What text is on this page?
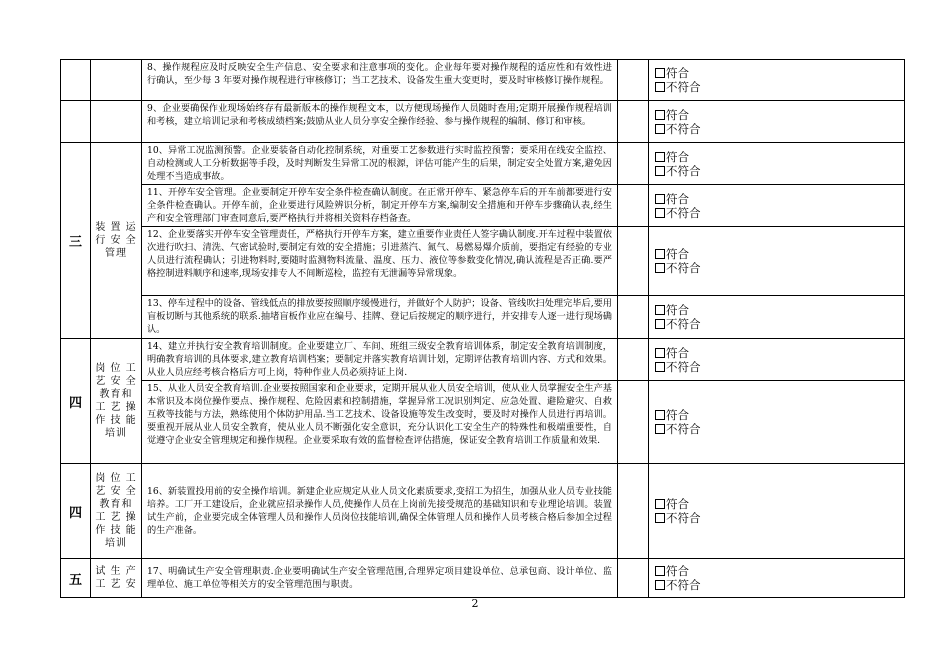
		8、操作规程应及时反映安全生产信息、安全要求和注意事项的变化。企业每年要对操作规程的适应性和有效性进行确认，至少每 3 年要对操作规程进行审核修订；当工艺技术、设备发生重大变更时，要及时审核修订操作规程。		符合
不符合

		9、企业要确保作业现场始终存有最新版本的操作规程文本，以方便现场操作人员随时查用;定期开展操作规程培训和考核，建立培训记录和考核成绩档案;鼓励从业人员分享安全操作经验、参与操作规程的编制、修订和审核。		符合
不符合

三	装 置 运 行 安 全 管理	10、异常工况监测预警。企业要装备自动化控制系统，对重要工艺参数进行实时监控预警；要采用在线安全监控、自动检测或人工分析数据等手段，及时判断发生异常工况的根源，评估可能产生的后果，制定安全处置方案,避免因处理不当造成事故。		符合
不符合

		11、开停车安全管理。企业要制定开停车安全条件检查确认制度。在正常开停车、紧急停车后的开车前都要进行安全条件检查确认。开停车前，企业要进行风险辨识分析，制定开停车方案,编制安全措施和开停车步骤确认表,经生产和安全管理部门审查同意后,要严格执行并将相关资料存档备查。		符合
不符合

		12、企业要落实开停车安全管理责任，严格执行开停车方案，建立重要作业责任人签字确认制度.开车过程中装置依次进行吹扫、清洗、气密试验时,要制定有效的安全措施；引进蒸汽、氮气、易燃易爆介质前，要指定有经验的专业人员进行流程确认；引进物料时,要随时监测物料流量、温度、压力、液位等参数变化情况,确认流程是否正确.要严格控制进料顺序和速率,现场安排专人不间断巡检，监控有无泄漏等异常现象。		符合
不符合

		13、停车过程中的设备、管线低点的排放要按照顺序缓慢进行，并做好个人防护；设备、管线吹扫处理完毕后,要用盲板切断与其他系统的联系.抽堵盲板作业应在编号、挂牌、登记后按规定的顺序进行，并安排专人逐一进行现场确认。		符合
不符合

四	岗 位 工 艺 安 全 教育和 工 艺 操 作 技 能 培训	14、建立并执行安全教育培训制度。企业要建立厂、车间、班组三级安全教育培训体系，制定安全教育培训制度，明确教育培训的具体要求,建立教育培训档案；要制定并落实教育培训计划，定期评估教育培训内容、方式和效果。从业人员应经考核合格后方可上岗，特种作业人员必须持证上岗.		符合
不符合

		15、从业人员安全教育培训.企业要按照国家和企业要求，定期开展从业人员安全培训，使从业人员掌握安全生产基本常识及本岗位操作要点、操作规程、危险因素和控制措施，掌握异常工况识别判定、应急处置、避险避灾、自救互救等技能与方法，熟练使用个体防护用品.当工艺技术、设备设施等发生改变时，要及时对操作人员进行再培训。要重视开展从业人员安全教育，使从业人员不断强化安全意识，充分认识化工安全生产的特殊性和极端重要性，自觉遵守企业安全管理规定和操作规程。企业要采取有效的监督检查评估措施，保证安全教育培训工作质量和效果.		符合
不符合

四	岗 位 工 艺 安 全 教育和 工 艺 操 作 技 能 培训	16、新装置投用前的安全操作培训。新建企业应规定从业人员文化素质要求,变招工为招生，加强从业人员专业技能培养。工厂开工建设后，企业就应招录操作人员,使操作人员在上岗前先接受规范的基础知识和专业理论培训。装置试生产前，企业要完成全体管理人员和操作人员岗位技能培训,确保全体管理人员和操作人员考核合格后参加全过程的生产准备。		符合
不符合

五	试 生 产 工 艺 安	17、明确试生产安全管理职责.企业要明确试生产安全管理范围,合理界定项目建设单位、总承包商、设计单位、监理单位、施工单位等相关方的安全管理范围与职责。		符合
不符合
2
